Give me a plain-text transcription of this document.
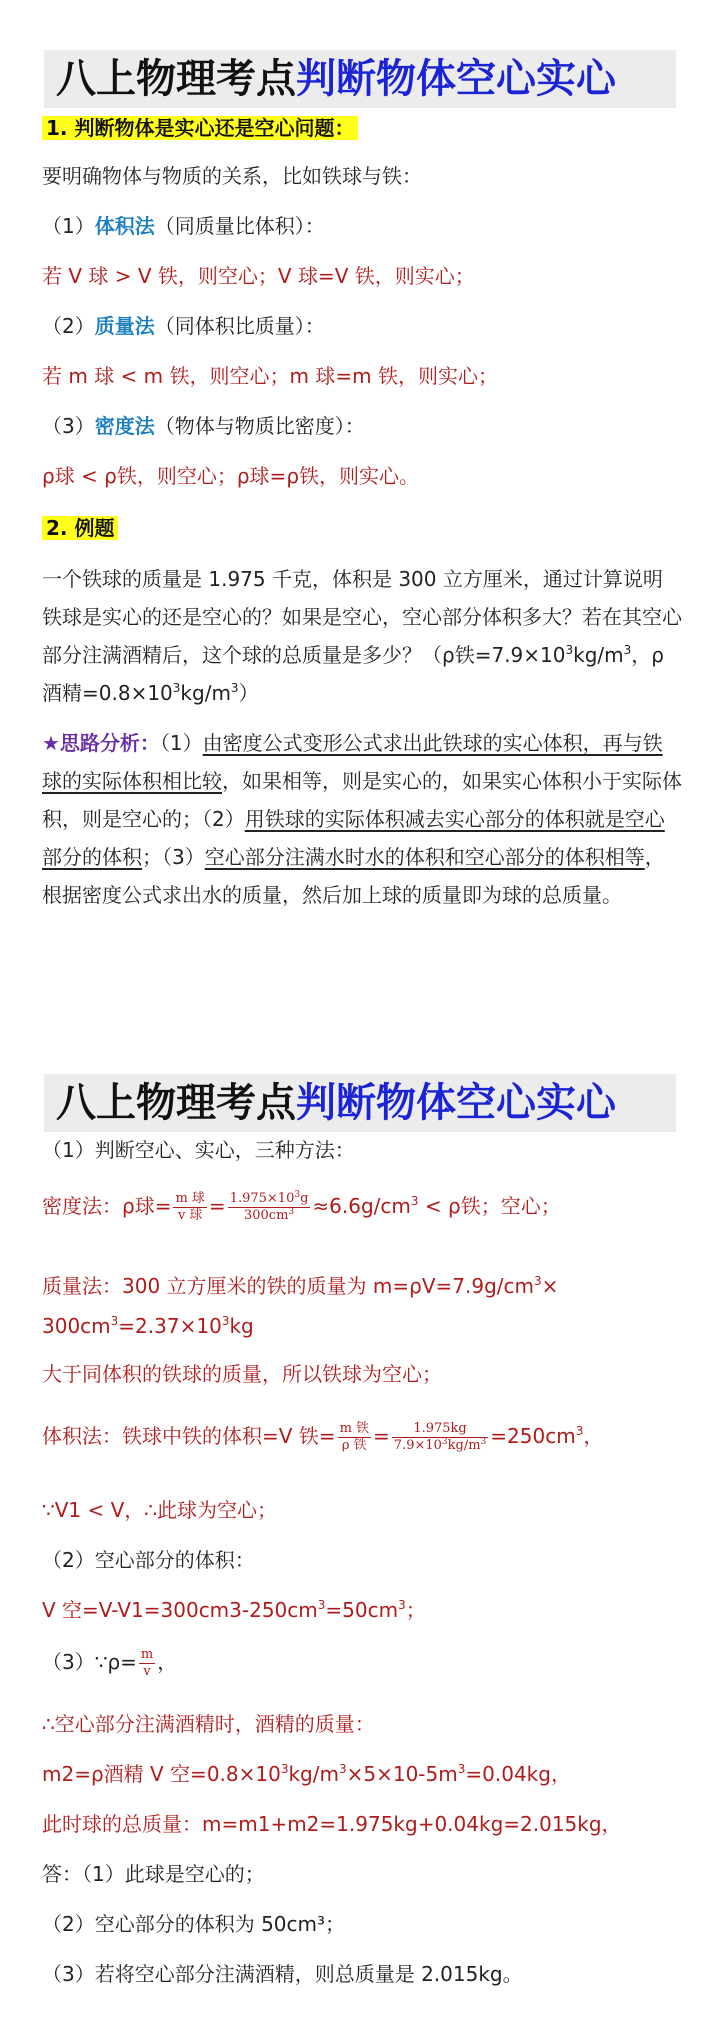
八上物理考点判断物体空心实心
1. 判断物体是实心还是空心问题：
要明确物体与物质的关系，比如铁球与铁：
（1）体积法（同质量比体积）：
若 V 球 > V 铁，则空心；V 球=V 铁，则实心；
（2）质量法（同体积比质量）：
若 m 球 < m 铁，则空心；m 球=m 铁，则实心；
（3）密度法（物体与物质比密度）：
ρ球 < ρ铁，则空心；ρ球=ρ铁，则实心。
2. 例题
一个铁球的质量是 1.975 千克，体积是 300 立方厘米，通过计算说明铁球是实心的还是空心的？如果是空心，空心部分体积多大？若在其空心部分注满酒精后，这个球的总质量是多少？（ρ铁$=7.9\times 10^3kg/m^3$，ρ酒精$=0.8\times 10^3kg/m^3$）
★思路分析：（1）由密度公式变形公式求出此铁球的实心体积，再与铁球的实际体积相比较，如果相等，则是实心的，如果实心体积小于实际体积，则是空心的；（2）用铁球的实际体积减去实心部分的体积就是空心部分的体积；（3）空心部分注满水时水的体积和空心部分的体积相等，根据密度公式求出水的质量，然后加上球的质量即为球的总质量。
八上物理考点判断物体空心实心
（1）判断空心、实心，三种方法：
密度法：ρ球= $\frac{\text{m 球}}{\text{v 球}} = \frac{1.975\times 10^3g}{300cm^3} \approx 6.6g/cm^3 < \rho$铁；空心；
质量法：300 立方厘米的铁的质量为 $m=\rho V=7.9g/cm^3\times$
$300cm^3=2.37\times 10^3kg$
大于同体积的铁球的质量，所以铁球为空心；
体积法：铁球中铁的体积=V 铁= $\frac{\text{m 铁}}{\text{ρ 铁}} = \frac{1.975kg}{7.9\times 10^3kg/m^3} =250cm^3$，
∵V1 < V，∴此球为空心；
（2）空心部分的体积：
V 空$=V-V1=300cm3-250cm^3=50cm^3$；
（3）∵ρ= $\frac{m}{v}$ ，
∴空心部分注满酒精时，酒精的质量：
m2=ρ酒精 V 空$=0.8\times 10^3kg/m^3\times 5\times 10-5m^3=0.04kg$，
此时球的总质量：m=m1+m2=1.975kg+0.04kg=2.015kg，
答：（1）此球是空心的；
（2）空心部分的体积为 50cm³；
（3）若将空心部分注满酒精，则总质量是 2.015kg。
